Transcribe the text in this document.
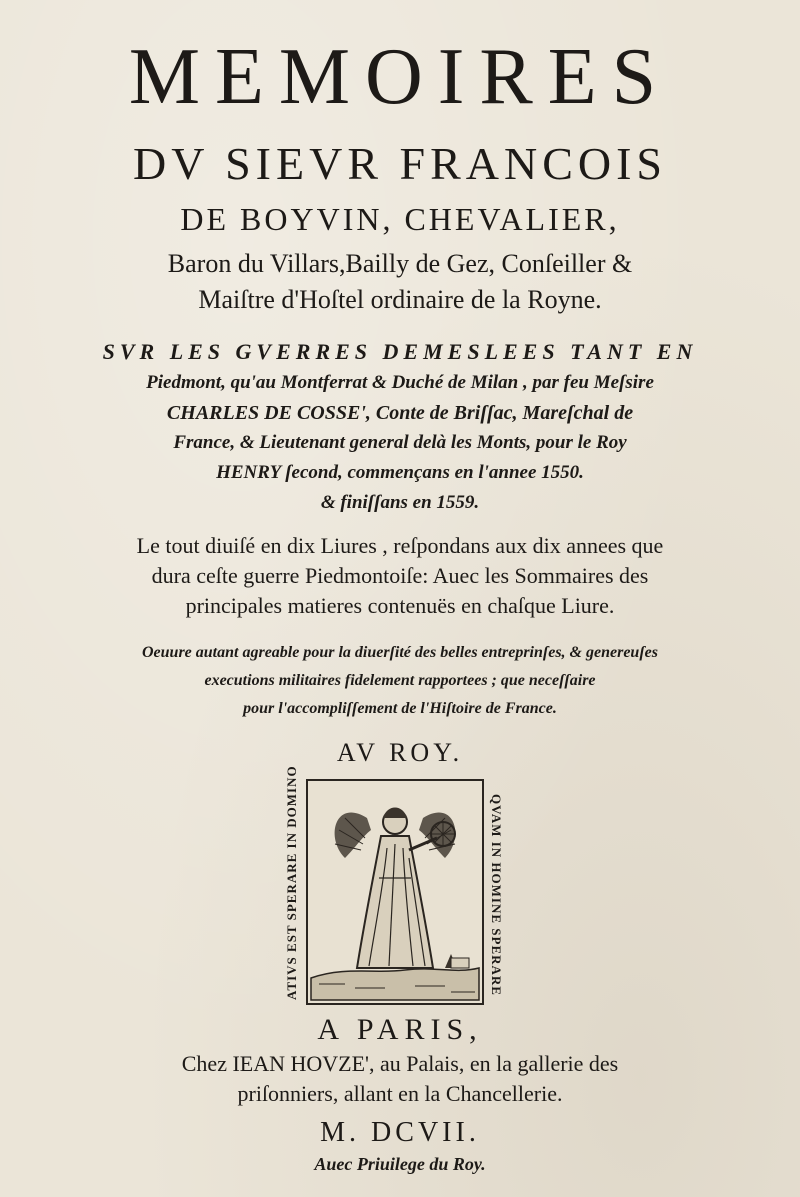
MEMOIRES
DV SIEVR FRANCOIS
DE BOYVIN, CHEVALIER,
Baron du Villars,Bailly de Gez, Conſeiller &
Maiſtre d'Hoſtel ordinaire de la Royne.
SVR LES GVERRES DEMESLEES TANT EN
Piedmont, qu'au Montferrat & Duché de Milan , par feu Meſsire
CHARLES DE COSSE', Conte de Briſſac, Mareſchal de
France, & Lieutenant general delà les Monts, pour le Roy
HENRY ſecond, commençans en l'annee 1550.
& finiſſans en 1559.
Le tout diuiſé en dix Liures , reſpondans aux dix annees que
dura ceſte guerre Piedmontoiſe: Auec les Sommaires des
principales matieres contenuës en chaſque Liure.
Oeuure autant agreable pour la diuerſité des belles entreprinſes, & genereuſes
executions militaires fidelement rapportees ; que neceſſaire
pour l'accompliſſement de l'Hiſtoire de France.
AV ROY.
ATIVS EST SPERARE IN DOMINO	QVAM IN HOMINE SPERARE
A PARIS,
Chez IEAN HOVZE', au Palais, en la gallerie des
priſonniers, allant en la Chancellerie.
M. DCVII.
Auec Priuilege du Roy.
